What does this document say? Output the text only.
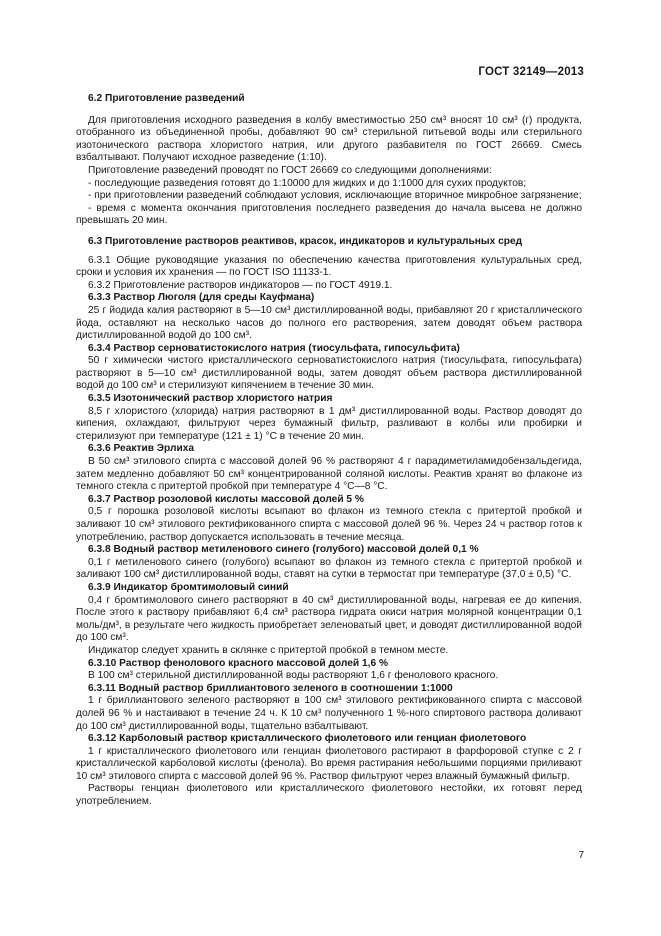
ГОСТ 32149—2013

6.2 Приготовление разведений

Для приготовления исходного разведения в колбу вместимостью 250 см³ вносят 10 см³ (г) продукта, отобранного из объединенной пробы, добавляют 90 см³ стерильной питьевой воды или стерильного изотонического раствора хлористого натрия, или другого разбавителя по ГОСТ 26669. Смесь взбалтывают. Получают исходное разведение (1:10).

Приготовление разведений проводят по ГОСТ 26669 со следующими дополнениями:

- последующие разведения готовят до 1:10000 для жидких и до 1:1000 для сухих продуктов;

- при приготовлении разведений соблюдают условия, исключающие вторичное микробное загрязнение;

- время с момента окончания приготовления последнего разведения до начала высева не должно превышать 20 мин.

6.3 Приготовление растворов реактивов, красок, индикаторов и культуральных сред

6.3.1 Общие руководящие указания по обеспечению качества приготовления культуральных сред, сроки и условия их хранения — по ГОСТ ISO 11133-1.

6.3.2 Приготовление растворов индикаторов — по ГОСТ 4919.1.

6.3.3 Раствор Люголя (для среды Кауфмана)

25 г йодида калия растворяют в 5—10 см³ дистиллированной воды, прибавляют 20 г кристаллического йода, оставляют на несколько часов до полного его растворения, затем доводят объем раствора дистиллированной водой до 100 см³.

6.3.4 Раствор серноватистокислого натрия (тиосульфата, гипосульфита)

50 г химически чистого кристаллического серноватистокислого натрия (тиосульфата, гипосульфата) растворяют в 5—10 см³ дистиллированной воды, затем доводят объем раствора дистиллированной водой до 100 см³ и стерилизуют кипячением в течение 30 мин.

6.3.5 Изотонический раствор хлористого натрия

8,5 г хлористого (хлорида) натрия растворяют в 1 дм³ дистиллированной воды. Раствор доводят до кипения, охлаждают, фильтруют через бумажный фильтр, разливают в колбы или пробирки и стерилизуют при температуре (121 ± 1) °С в течение 20 мин.

6.3.6 Реактив Эрлиха

В 50 см³ этилового спирта с массовой долей 96 % растворяют 4 г парадиметиламидобензальдегида, затем медленно добавляют 50 см³ концентрированной соляной кислоты. Реактив хранят во флаконе из темного стекла с притертой пробкой при температуре 4 °С—8 °С.

6.3.7 Раствор розоловой кислоты массовой долей 5 %

0,5 г порошка розоловой кислоты всыпают во флакон из темного стекла с притертой пробкой и заливают 10 см³ этилового ректификованного спирта с массовой долей 96 %. Через 24 ч раствор готов к употреблению, раствор допускается использовать в течение месяца.

6.3.8 Водный раствор метиленового синего (голубого) массовой долей 0,1 %

0,1 г метиленового синего (голубого) всыпают во флакон из темного стекла с притертой пробкой и заливают 100 см³ дистиллированной воды, ставят на сутки в термостат при температуре (37,0 ± 0,5) °С.

6.3.9 Индикатор бромтимоловый синий

0,4 г бромтимолового синего растворяют в 40 см³ дистиллированной воды, нагревая ее до кипения. После этого к раствору прибавляют 6,4 см³ раствора гидрата окиси натрия молярной концентрации 0,1 моль/дм³, в результате чего жидкость приобретает зеленоватый цвет, и доводят дистиллированной водой до 100 см³.

Индикатор следует хранить в склянке с притертой пробкой в темном месте.

6.3.10 Раствор фенолового красного массовой долей 1,6 %

В 100 см³ стерильной дистиллированной воды растворяют 1,6 г фенолового красного.

6.3.11 Водный раствор бриллиантового зеленого в соотношении 1:1000

1 г бриллиантового зеленого растворяют в 100 см³ этилового ректификованного спирта с массовой долей 96 % и настаивают в течение 24 ч. К 10 см³ полученного 1 %-ного спиртового раствора доливают до 100 см³ дистиллированной воды, тщательно взбалтывают.

6.3.12 Карболовый раствор кристаллического фиолетового или генциан фиолетового

1 г кристаллического фиолетового или генциан фиолетового растирают в фарфоровой ступке с 2 г кристаллической карболовой кислоты (фенола). Во время растирания небольшими порциями приливают 10 см³ этилового спирта с массовой долей 96 %. Раствор фильтруют через влажный бумажный фильтр.

Растворы генциан фиолетового или кристаллического фиолетового нестойки, их готовят перед употреблением.

7
